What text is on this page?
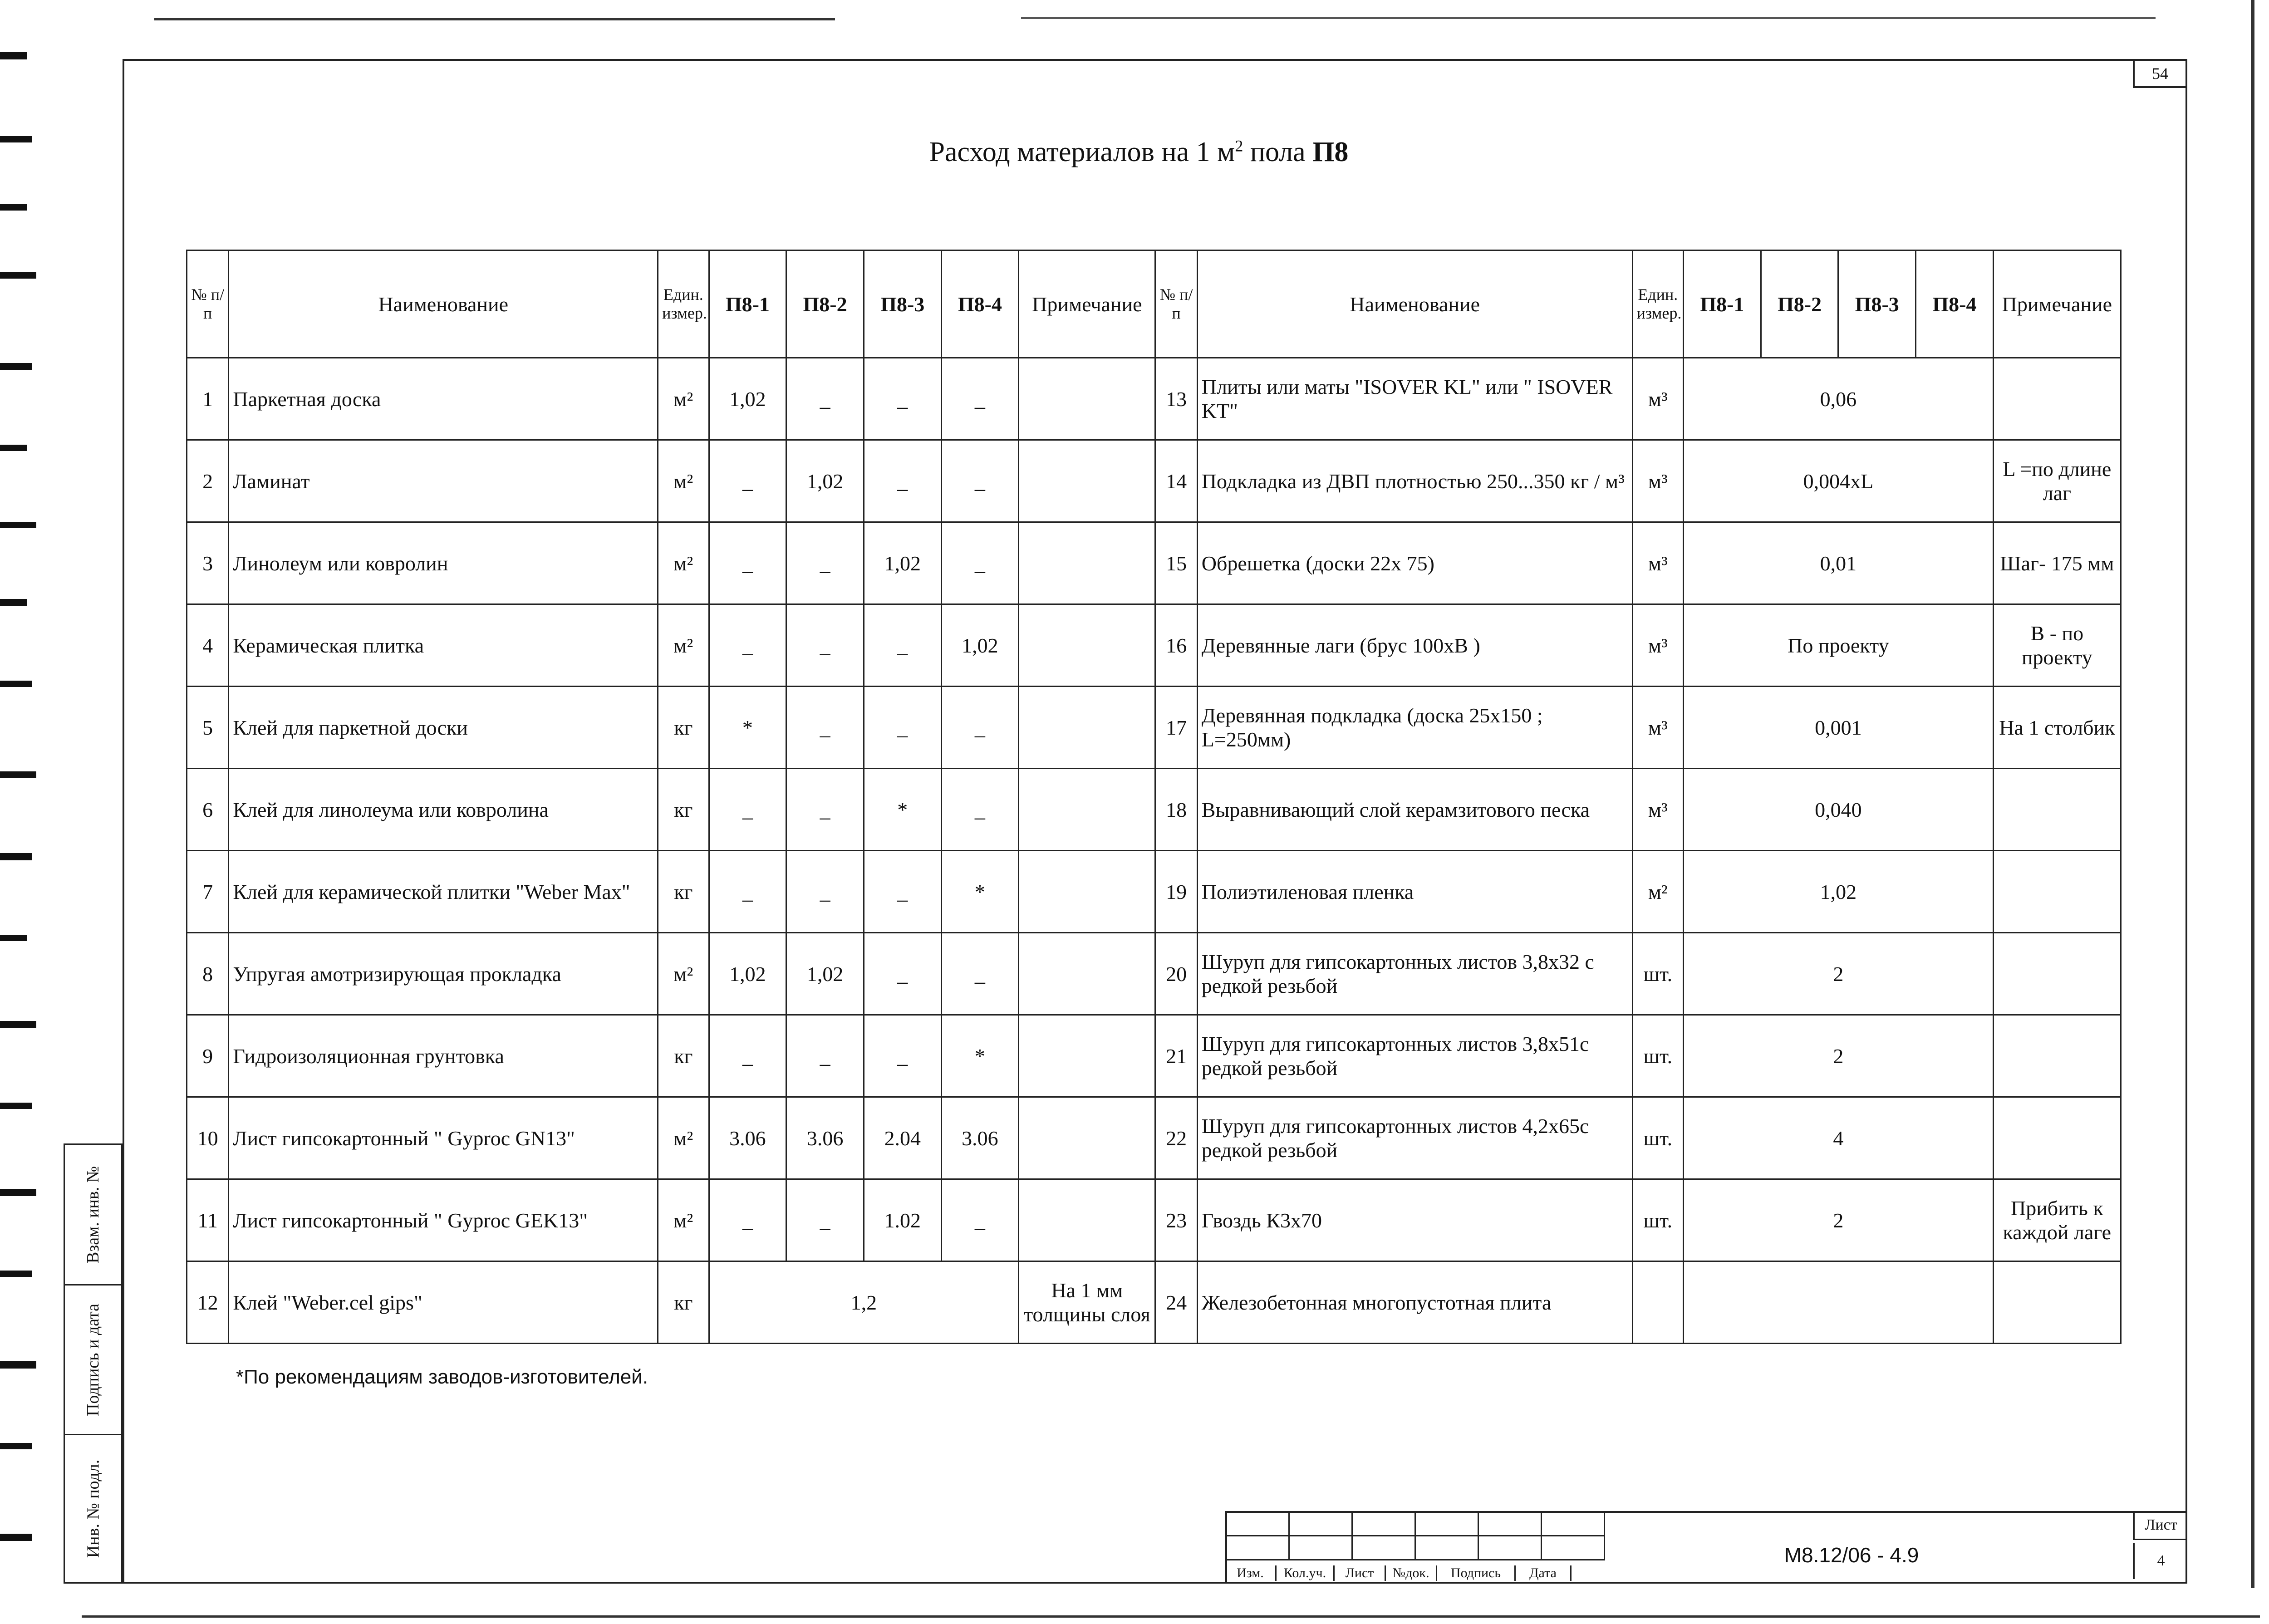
54
Расход материалов на 1 $м^2$ пола П8
№ п/п	Наименование	Един. измер.	П8-1	П8-2	П8-3	П8-4	Примечание	№ п/п	Наименование	Един. измер.	П8-1	П8-2	П8-3	П8-4	Примечание
1	Паркетная доска	м²	1,02	_	_	_		13	Плиты или маты "ISOVER KL" или " ISOVER KT"	м³	0,06				
2	Ламинат	м²	_	1,02	_	_		14	Подкладка из ДВП плотностью 250...350 кг / м³	м³	0,004xL				L =по длине лаг
3	Линолеум или ковролин	м²	_	_	1,02	_		15	Обрешетка (доски 22х 75)	м³	0,01				Шаг- 175 мм
4	Керамическая плитка	м²	_	_	_	1,02		16	Деревянные лаги (брус 100хВ )	м³	По проекту				В - по проекту
5	Клей для паркетной доски	кг	*	_	_	_		17	Деревянная подкладка (доска 25х150 ; L=250мм)	м³	0,001				На 1 столбик
6	Клей для линолеума или ковролина	кг	_	_	*	_		18	Выравнивающий слой керамзитового песка	м³	0,040				
7	Клей для керамической плитки "Weber Max"	кг	_	_	_	*		19	Полиэтиленовая пленка	м²	1,02				
8	Упругая амотризирующая прокладка	м²	1,02	1,02	_	_		20	Шуруп для гипсокартонных листов 3,8х32 с редкой резьбой	шт.	2				
9	Гидроизоляционная грунтовка	кг	_	_	_	*		21	Шуруп для гипсокартонных листов 3,8х51с редкой резьбой	шт.	2				
10	Лист гипсокартонный " Gyproc GN13"	м²	3.06	3.06	2.04	3.06		22	Шуруп для гипсокартонных листов 4,2х65с редкой резьбой	шт.	4				
11	Лист гипсокартонный " Gyproc GEK13"	м²	_	_	1.02	_		23	Гвоздь К3х70	шт.	2				Прибить к каждой лаге
12	Клей "Weber.cel gips"	кг	1,2				На 1 мм толщины слоя	24	Железобетонная многопустотная плита						
*По рекомендациям заводов-изготовителей.
Взам. инв. №
Подпись и дата
Инв. № подл.

Изм.	Кол.уч.	Лист	№док.	Подпись	Дата
М8.12/06 - 4.9
Лист
4
